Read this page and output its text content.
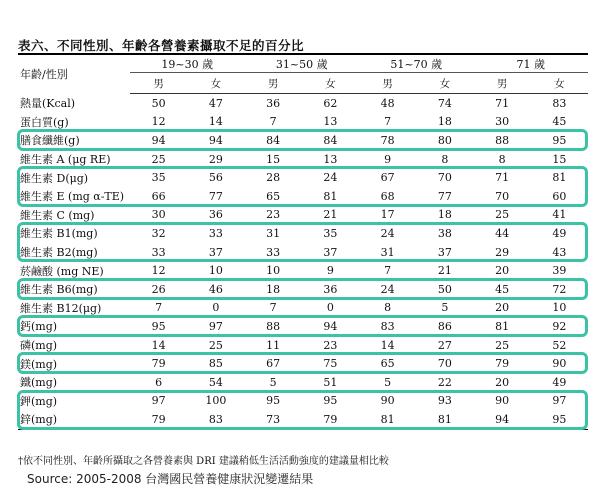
表六、不同性別、年齡各營養素攝取不足的百分比
年齡/性別	19~30 歲		31~50 歲		51~70 歲		71 歲	
	男	女	男	女	男	女	男	女
熱量(Kcal)	50	47	36	62	48	74	71	83
蛋白質(g)	12	14	7	13	7	18	30	45
膳食纖維(g)	94	94	84	84	78	80	88	95
維生素 A (μg RE)	25	29	15	13	9	8	8	15
維生素 D(μg)	35	56	28	24	67	70	71	81
維生素 E (mg α-TE)	66	77	65	81	68	77	70	60
維生素 C (mg)	30	36	23	21	17	18	25	41
維生素 B1(mg)	32	33	31	35	24	38	44	49
維生素 B2(mg)	33	37	33	37	31	37	29	43
菸鹼酸 (mg NE)	12	10	10	9	7	21	20	39
維生素 B6(mg)	26	46	18	36	24	50	45	72
維生素 B12(μg)	7	0	7	0	8	5	20	10
鈣(mg)	95	97	88	94	83	86	81	92
磷(mg)	14	25	11	23	14	27	25	52
鎂(mg)	79	85	67	75	65	70	79	90
鐵(mg)	6	54	5	51	5	22	20	49
鉀(mg)	97	100	95	95	90	93	90	97
鋅(mg)	79	83	73	79	81	81	94	95
†依不同性別、年齡所攝取之各營養素與 DRI 建議稍低生活活動強度的建議量相比較
Source: 2005-2008 台灣國民營養健康狀況變遷結果
